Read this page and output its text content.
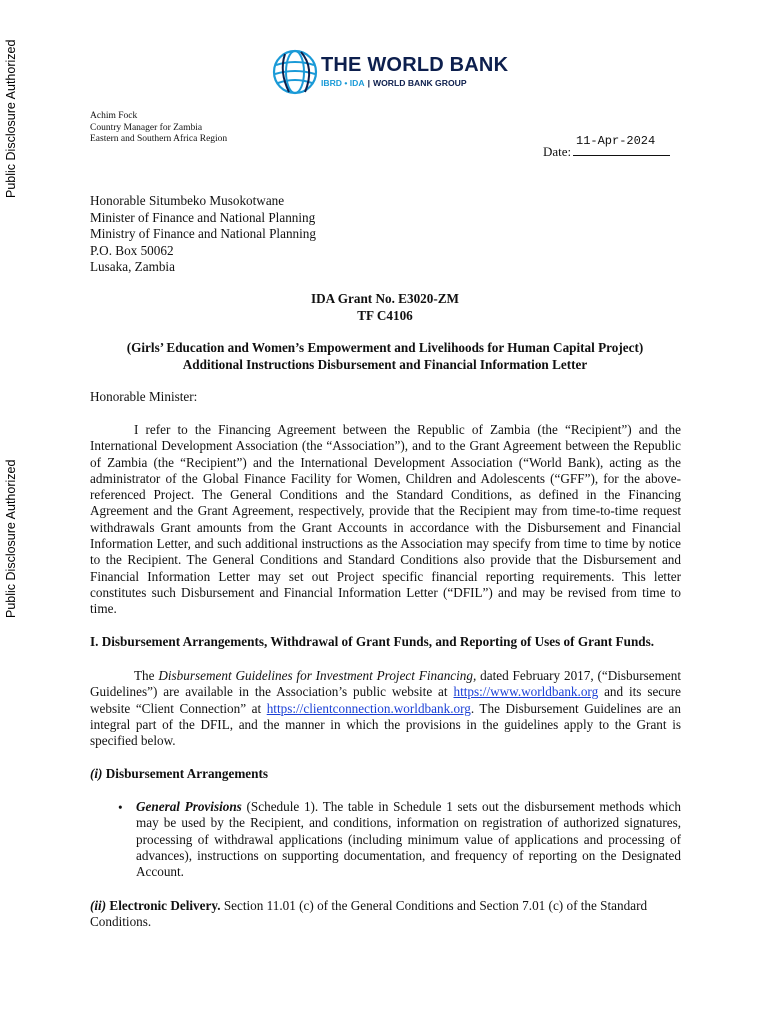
Public Disclosure Authorized
Public Disclosure Authorized
THE WORLD BANK
IBRD • IDA | WORLD BANK GROUP
Achim Fock
Country Manager for Zambia
Eastern and Southern Africa Region	11-Apr-2024
Date:
Honorable Situmbeko Musokotwane
Minister of Finance and National Planning
Ministry of Finance and National Planning
P.O. Box 50062
Lusaka, Zambia
IDA Grant No. E3020-ZM
TF C4106
(Girls’ Education and Women’s Empowerment and Livelihoods for Human Capital Project)
Additional Instructions Disbursement and Financial Information Letter
Honorable Minister:
I refer to the Financing Agreement between the Republic of Zambia (the “Recipient”) and the International Development Association (the “Association”), and to the Grant Agreement between the Republic of Zambia (the “Recipient”) and the International Development Association (“World Bank), acting as the administrator of the Global Finance Facility for Women, Children and Adolescents (“GFF”), for the above-referenced Project. The General Conditions and the Standard Conditions, as defined in the Financing Agreement and the Grant Agreement, respectively, provide that the Recipient may from time-to-time request withdrawals Grant amounts from the Grant Accounts in accordance with the Disbursement and Financial Information Letter, and such additional instructions as the Association may specify from time to time by notice to the Recipient. The General Conditions and Standard Conditions also provide that the Disbursement and Financial Information Letter may set out Project specific financial reporting requirements. This letter constitutes such Disbursement and Financial Information Letter (“DFIL”) and may be revised from time to time.
I. Disbursement Arrangements, Withdrawal of Grant Funds, and Reporting of Uses of Grant Funds.
The Disbursement Guidelines for Investment Project Financing, dated February 2017, (“Disbursement Guidelines”) are available in the Association’s public website at https://www.worldbank.org and its secure website “Client Connection” at https://clientconnection.worldbank.org. The Disbursement Guidelines are an integral part of the DFIL, and the manner in which the provisions in the guidelines apply to the Grant is specified below.
(i) Disbursement Arrangements
• General Provisions (Schedule 1). The table in Schedule 1 sets out the disbursement methods which may be used by the Recipient, and conditions, information on registration of authorized signatures, processing of withdrawal applications (including minimum value of applications and processing of advances), instructions on supporting documentation, and frequency of reporting on the Designated Account.
(ii) Electronic Delivery. Section 11.01 (c) of the General Conditions and Section 7.01 (c) of the Standard Conditions.
